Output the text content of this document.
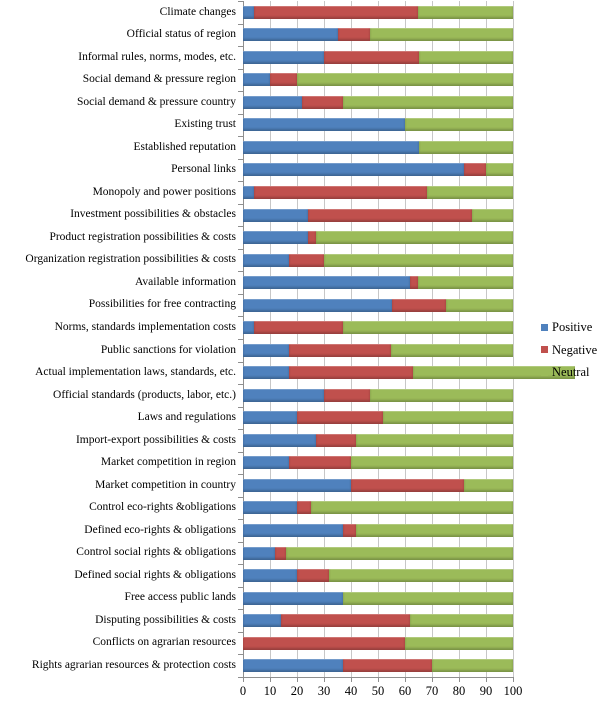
Climate changes
Official status of region
Informal rules, norms, modes, etc.
Social demand & pressure region
Social demand & pressure country
Existing trust
Established reputation
Personal links
Monopoly and power positions
Investment possibilities & obstacles
Product registration possibilities & costs
Organization registration possibilities & costs
Available information
Possibilities for free contracting
Norms, standards implementation costs
Public sanctions for violation
Actual implementation laws, standards, etc.
Official standards (products, labor, etc.)
Laws and regulations
Import-export possibilities & costs
Market competition in region
Market competition in country
Control eco-rights &obligations
Defined eco-rights & obligations
Control social rights & obligations
Defined social rights & obligations
Free access public lands
Disputing possibilities & costs
Conflicts on agrarian resources
Rights agrarian resources & protection costs
0 10 20 30 40 50 60 70 80 90 100
Positive
Negative
Neutral
